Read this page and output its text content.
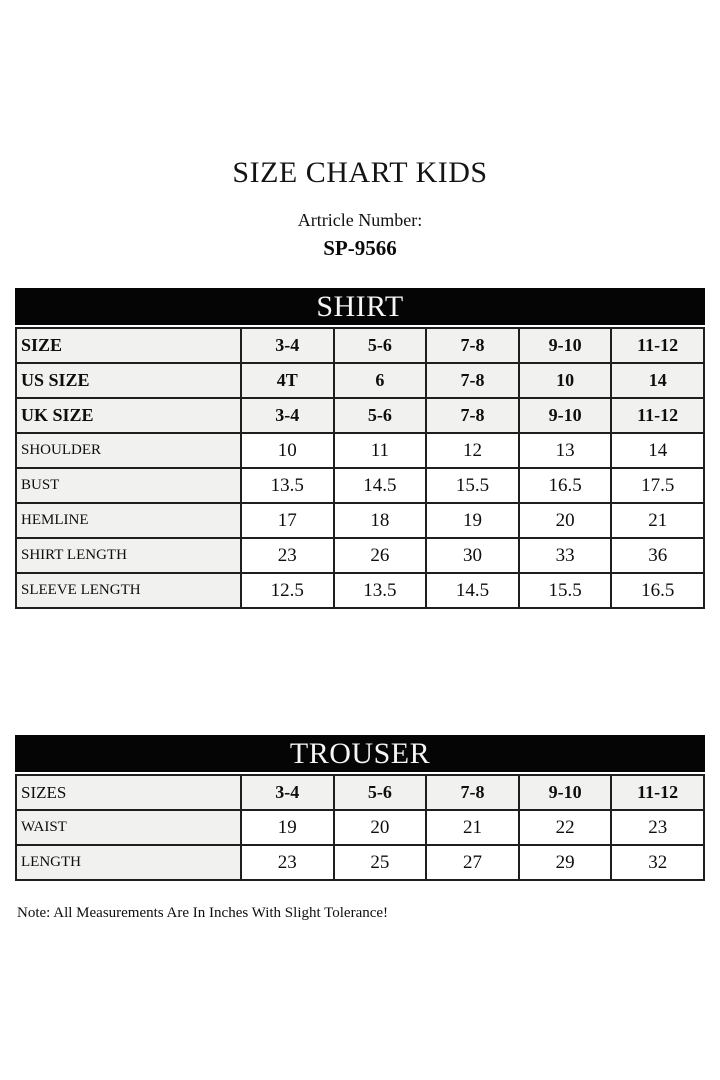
SIZE CHART KIDS
Artricle Number:
SP-9566
SHIRT
SIZE	3-4	5-6	7-8	9-10	11-12
US SIZE	4T	6	7-8	10	14
UK SIZE	3-4	5-6	7-8	9-10	11-12
SHOULDER	10	11	12	13	14
BUST	13.5	14.5	15.5	16.5	17.5
HEMLINE	17	18	19	20	21
SHIRT LENGTH	23	26	30	33	36
SLEEVE LENGTH	12.5	13.5	14.5	15.5	16.5
TROUSER
SIZES	3-4	5-6	7-8	9-10	11-12
WAIST	19	20	21	22	23
LENGTH	23	25	27	29	32
Note: All Measurements Are In Inches With Slight Tolerance!
